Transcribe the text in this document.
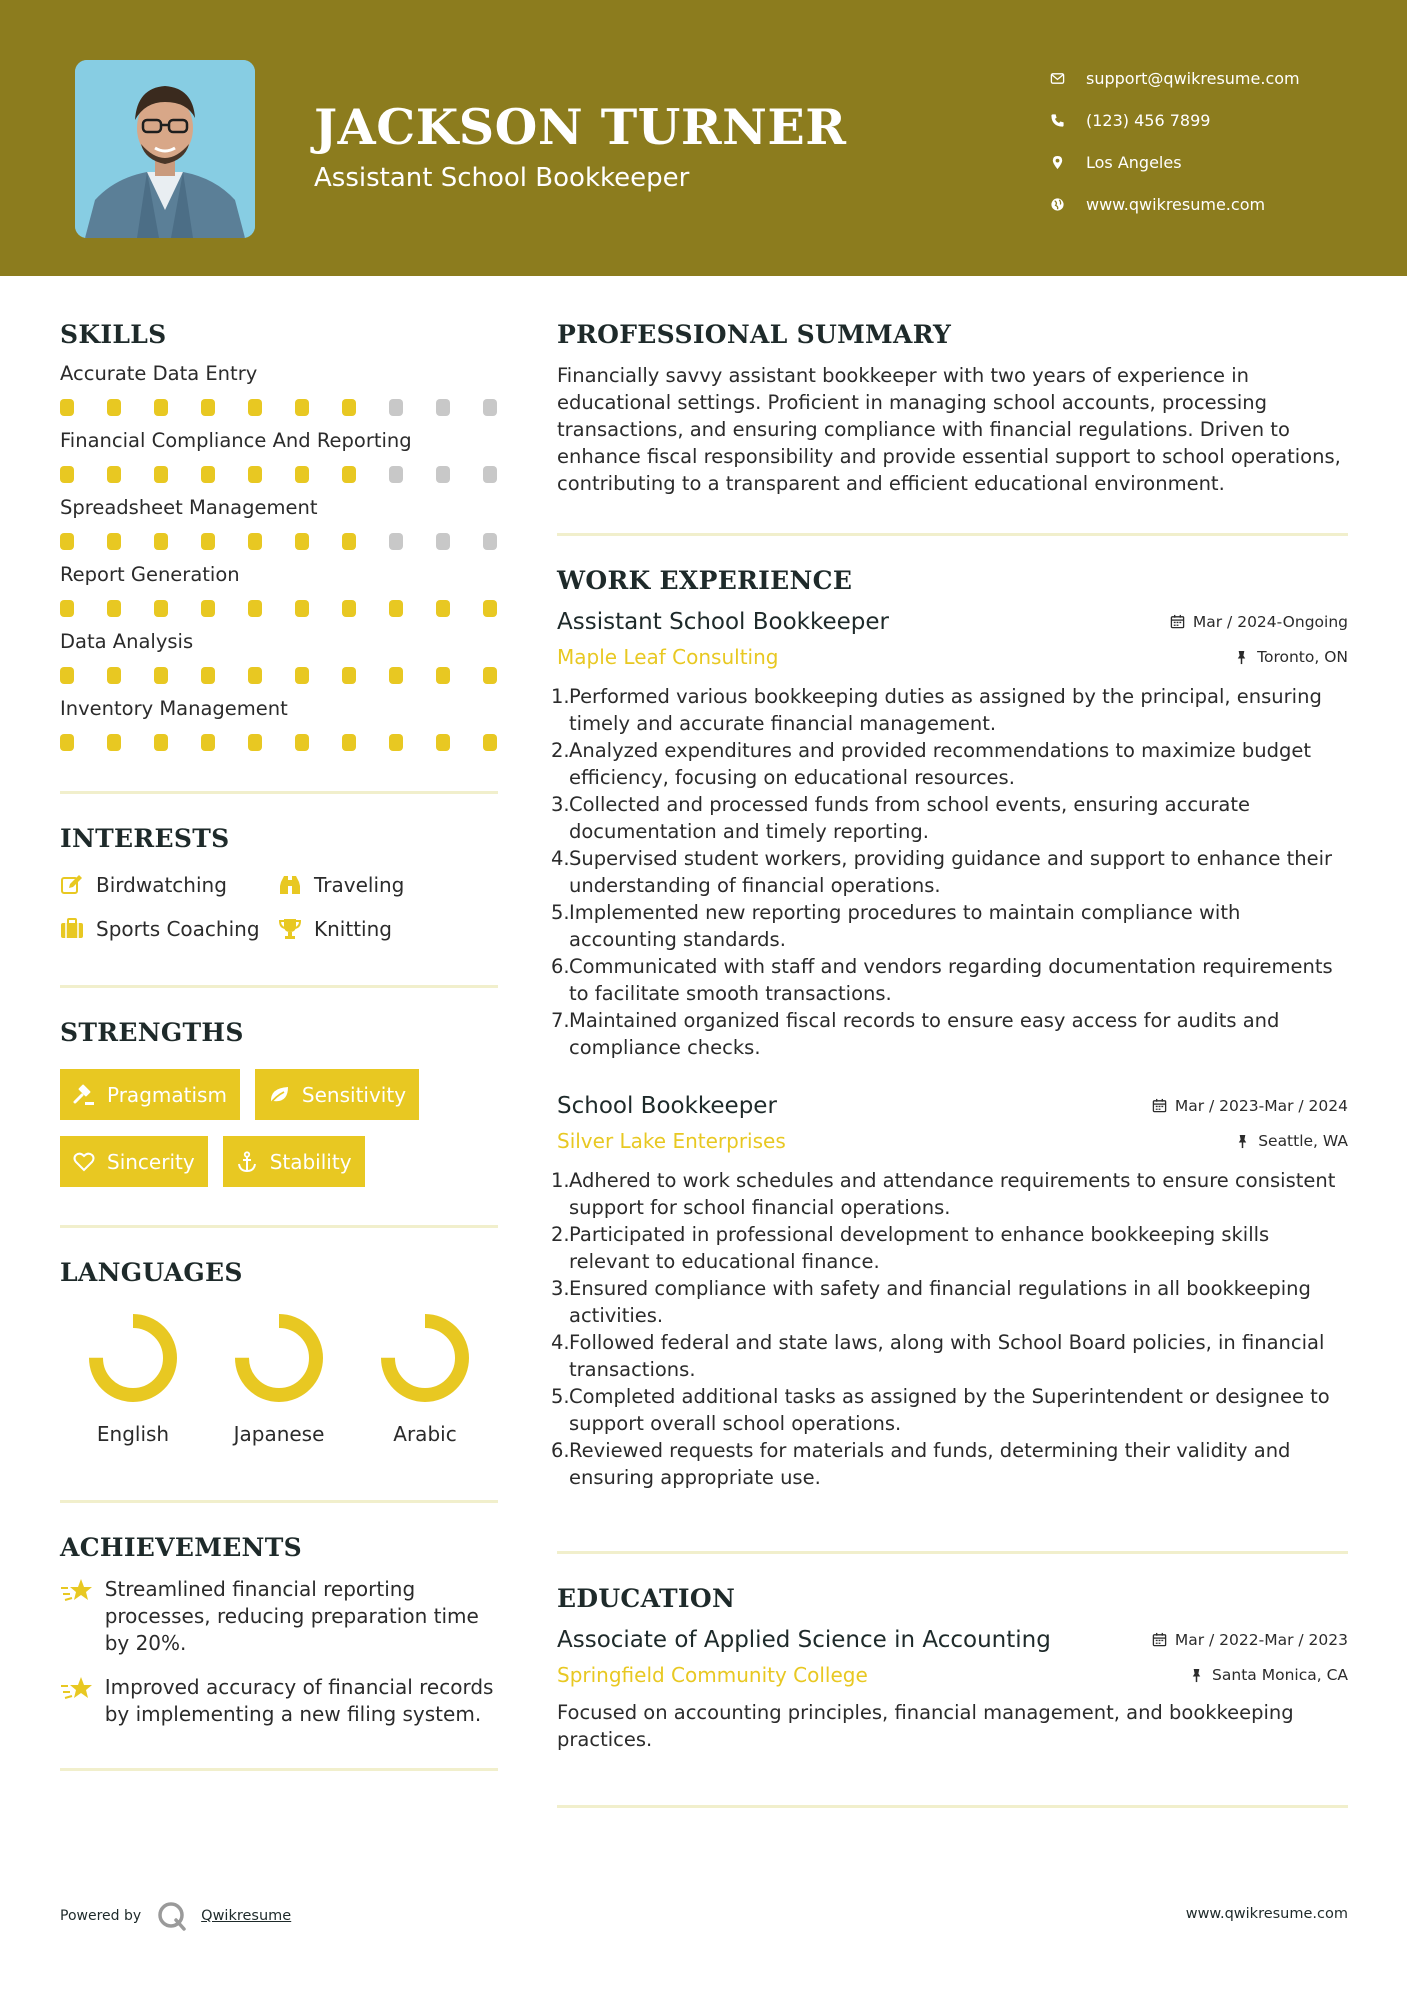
JACKSON TURNER
Assistant School Bookkeeper
support@qwikresume.com
(123) 456 7899
Los Angeles
www.qwikresume.com
SKILLS
Accurate Data Entry
Financial Compliance And Reporting
Spreadsheet Management
Report Generation
Data Analysis
Inventory Management
INTERESTS
Birdwatching	Traveling
Sports Coaching	Knitting
STRENGTHS
Pragmatism	Sensitivity
Sincerity	Stability
LANGUAGES
English	Japanese	Arabic
ACHIEVEMENTS
Streamlined financial reporting processes, reducing preparation time by 20%.
Improved accuracy of financial records by implementing a new filing system.
PROFESSIONAL SUMMARY
Financially savvy assistant bookkeeper with two years of experience in educational settings. Proficient in managing school accounts, processing transactions, and ensuring compliance with financial regulations. Driven to enhance fiscal responsibility and provide essential support to school operations, contributing to a transparent and efficient educational environment.
WORK EXPERIENCE
Assistant School Bookkeeper	Mar / 2024-Ongoing
Maple Leaf Consulting	Toronto, ON
1. Performed various bookkeeping duties as assigned by the principal, ensuring timely and accurate financial management.
2. Analyzed expenditures and provided recommendations to maximize budget efficiency, focusing on educational resources.
3. Collected and processed funds from school events, ensuring accurate documentation and timely reporting.
4. Supervised student workers, providing guidance and support to enhance their understanding of financial operations.
5. Implemented new reporting procedures to maintain compliance with accounting standards.
6. Communicated with staff and vendors regarding documentation requirements to facilitate smooth transactions.
7. Maintained organized fiscal records to ensure easy access for audits and compliance checks.
School Bookkeeper	Mar / 2023-Mar / 2024
Silver Lake Enterprises	Seattle, WA
1. Adhered to work schedules and attendance requirements to ensure consistent support for school financial operations.
2. Participated in professional development to enhance bookkeeping skills relevant to educational finance.
3. Ensured compliance with safety and financial regulations in all bookkeeping activities.
4. Followed federal and state laws, along with School Board policies, in financial transactions.
5. Completed additional tasks as assigned by the Superintendent or designee to support overall school operations.
6. Reviewed requests for materials and funds, determining their validity and ensuring appropriate use.
EDUCATION
Associate of Applied Science in Accounting	Mar / 2022-Mar / 2023
Springfield Community College	Santa Monica, CA
Focused on accounting principles, financial management, and bookkeeping practices.
Powered by	Qwikresume	www.qwikresume.com
